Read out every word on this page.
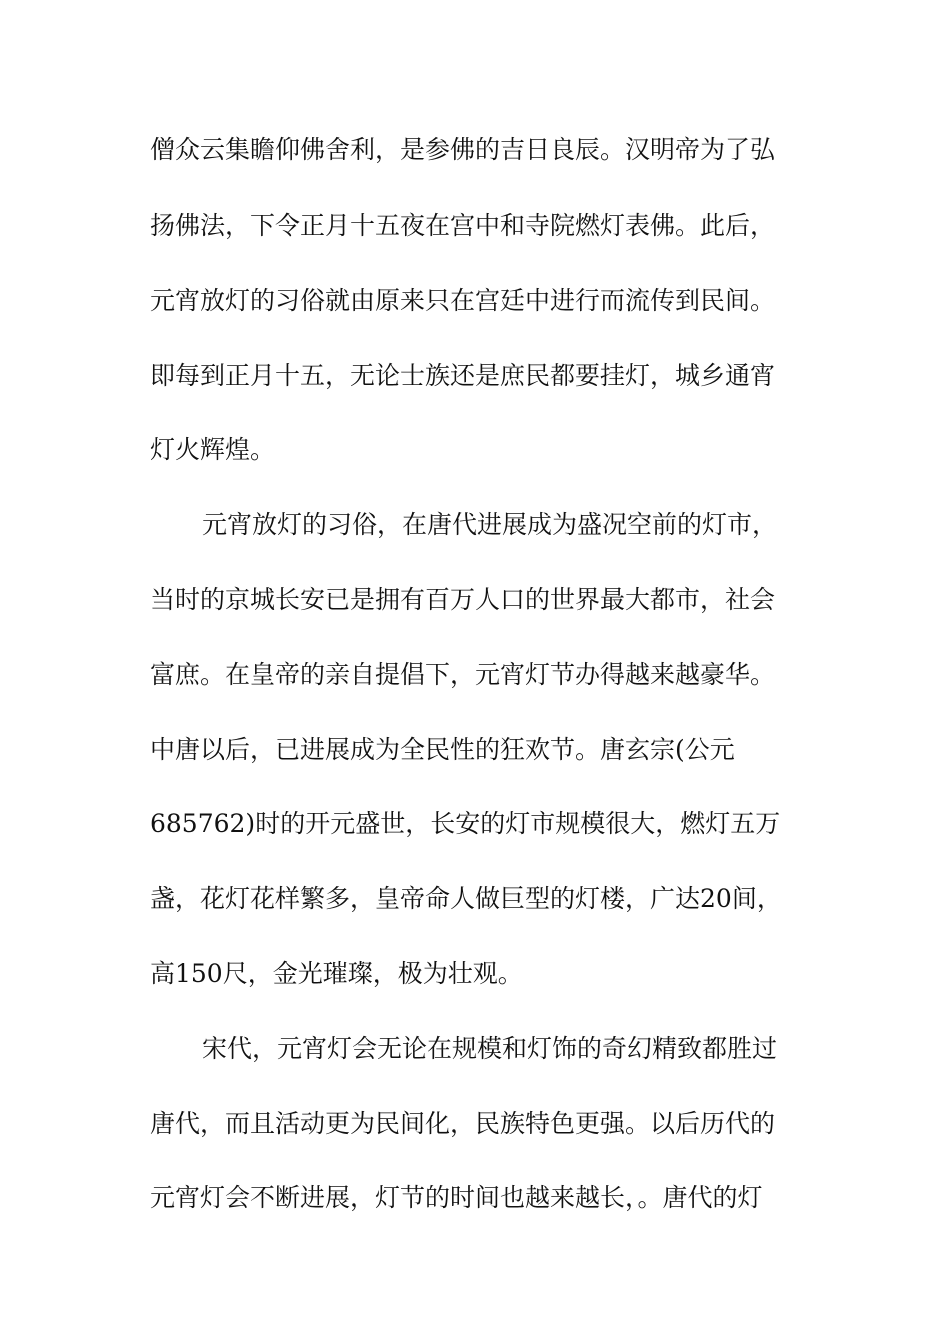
僧众云集瞻仰佛舍利，是参佛的吉日良辰。汉明帝为了弘
扬佛法，下令正月十五夜在宫中和寺院燃灯表佛。此后，
元宵放灯的习俗就由原来只在宫廷中进行而流传到民间。
即每到正月十五，无论士族还是庶民都要挂灯，城乡通宵
灯火辉煌。
元宵放灯的习俗，在唐代进展成为盛况空前的灯市，
当时的京城长安已是拥有百万人口的世界最大都市，社会
富庶。在皇帝的亲自提倡下，元宵灯节办得越来越豪华。
中唐以后，已进展成为全民性的狂欢节。唐玄宗(公元
685762)时的开元盛世，长安的灯市规模很大，燃灯五万
盏，花灯花样繁多，皇帝命人做巨型的灯楼，广达20间，
高150尺，金光璀璨，极为壮观。
宋代，元宵灯会无论在规模和灯饰的奇幻精致都胜过
唐代，而且活动更为民间化，民族特色更强。以后历代的
元宵灯会不断进展，灯节的时间也越来越长，。唐代的灯
